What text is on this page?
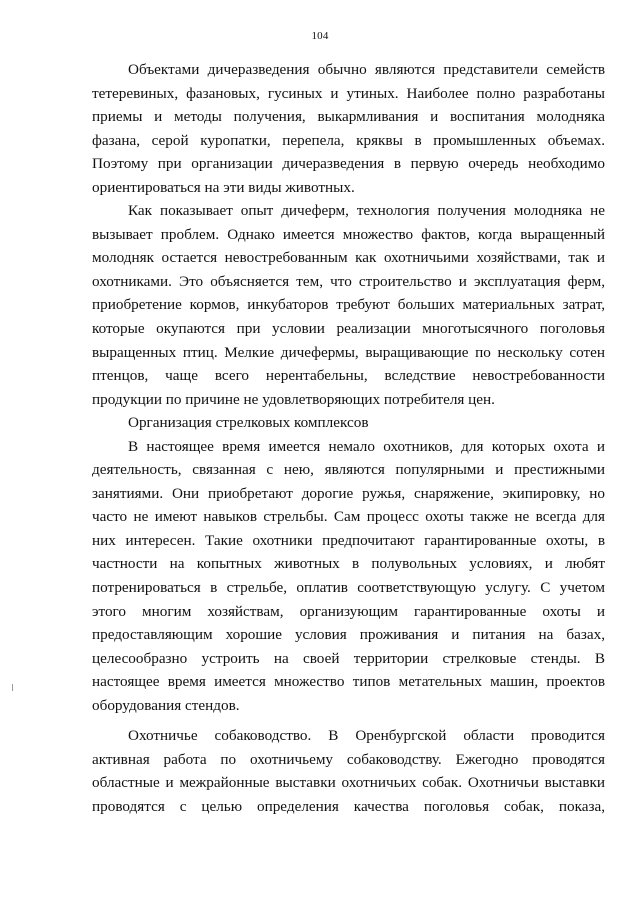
104

Объектами дичеразведения обычно являются представители семейств
тетеревиных, фазановых, гусиных и утиных. Наиболее полно разработаны
приемы и методы получения, выкармливания и воспитания молодняка
фазана, серой куропатки, перепела, кряквы в промышленных объемах.
Поэтому при организации дичеразведения в первую очередь необходимо
ориентироваться на эти виды животных.

Как показывает опыт дичеферм, технология получения молодняка не
вызывает проблем. Однако имеется множество фактов, когда выращенный
молодняк остается невостребованным как охотничьими хозяйствами, так и
охотниками. Это объясняется тем, что строительство и эксплуатация ферм,
приобретение кормов, инкубаторов требуют больших материальных затрат,
которые окупаются при условии реализации многотысячного поголовья
выращенных птиц. Мелкие дичефермы, выращивающие по нескольку сотен
птенцов, чаще всего нерентабельны, вследствие невостребованности
продукции по причине не удовлетворяющих потребителя цен.

Организация стрелковых комплексов

В настоящее время имеется немало охотников, для которых охота и
деятельность, связанная с нею, являются популярными и престижными
занятиями. Они приобретают дорогие ружья, снаряжение, экипировку, но
часто не имеют навыков стрельбы. Сам процесс охоты также не всегда для
них интересен. Такие охотники предпочитают гарантированные охоты, в
частности на копытных животных в полувольных условиях, и любят
потренироваться в стрельбе, оплатив соответствующую услугу. С учетом
этого многим хозяйствам, организующим гарантированные охоты и
предоставляющим хорошие условия проживания и питания на базах,
целесообразно устроить на своей территории стрелковые стенды. В
настоящее время имеется множество типов метательных машин, проектов
оборудования стендов.

Охотничье собаководство. В Оренбургской области проводится
активная работа по охотничьему собаководству. Ежегодно проводятся
областные и межрайонные выставки охотничьих собак. Охотничьи выставки
проводятся с целью определения качества поголовья собак, показа,
